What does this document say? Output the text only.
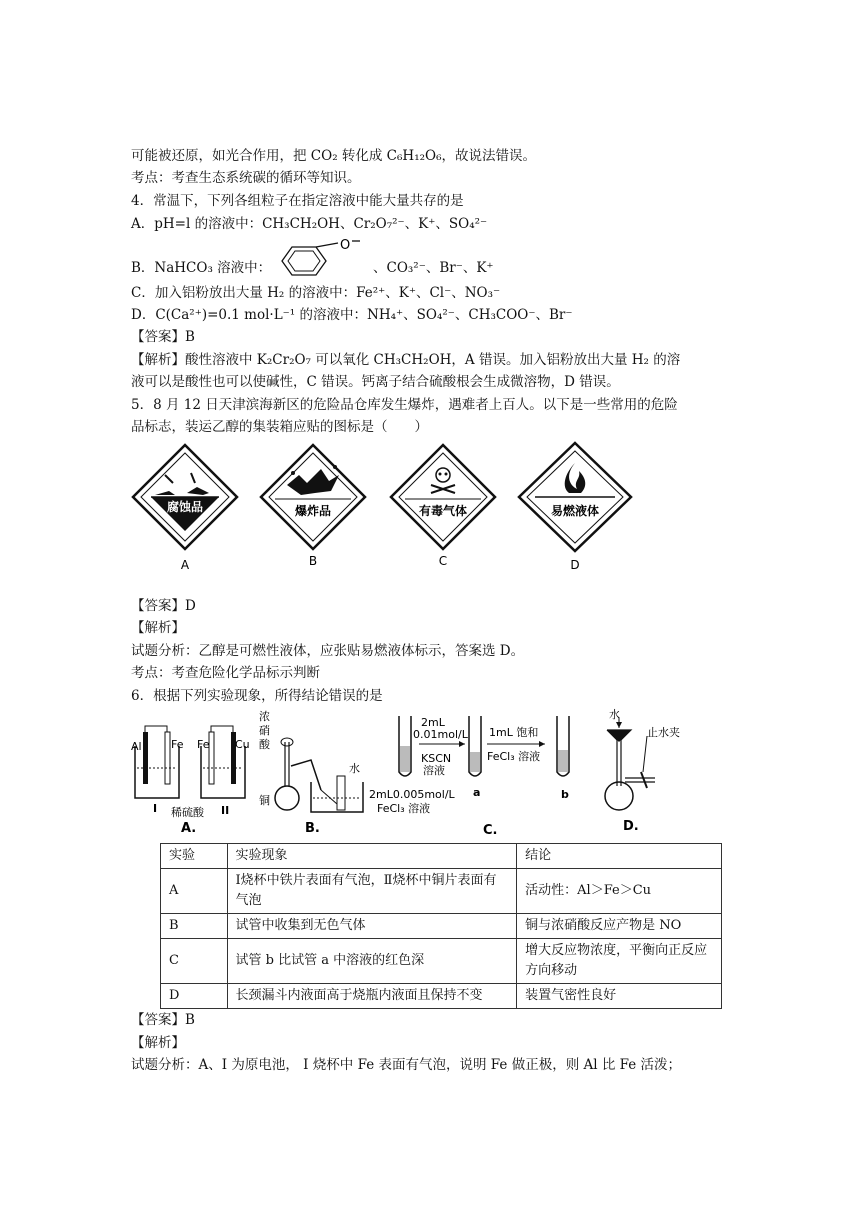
可能被还原，如光合作用，把 CO₂ 转化成 C₆H₁₂O₆，故说法错误。
考点：考查生态系统碳的循环等知识。
4．常温下，下列各组粒子在指定溶液中能大量共存的是
A．pH=l 的溶液中：CH₃CH₂OH、Cr₂O₇²⁻、K⁺、SO₄²⁻
B．NaHCO₃ 溶液中：
O
、CO₃²⁻、Br⁻、K⁺
C．加入铝粉放出大量 H₂ 的溶液中：Fe²⁺、K⁺、Cl⁻、NO₃⁻
D．C(Ca²⁺)=0.1 mol·L⁻¹ 的溶液中：NH₄⁺、SO₄²⁻、CH₃COO⁻、Br⁻
【答案】B
【解析】酸性溶液中 K₂Cr₂O₇ 可以氧化 CH₃CH₂OH，A 错误。加入铝粉放出大量 H₂ 的溶
液可以是酸性也可以使碱性，C 错误。钙离子结合硫酸根会生成微溶物，D 错误。
5．8 月 12 日天津滨海新区的危险品仓库发生爆炸，遇难者上百人。以下是一些常用的危险
品标志，装运乙醇的集装箱应贴的图标是（　　）
腐蚀品	爆炸品	有毒气体	易燃液体
A	B	C	D
【答案】D
【解析】
试题分析：乙醇是可燃性液体，应张贴易燃液体标示，答案选 D。
考点：考查危险化学品标示判断
6．根据下列实验现象，所得结论错误的是
Al	Fe Fe Cu
I	II
稀硫酸
A.
浓
硝
酸
铜
水
B.
2mL
0.01mol/L
KSCN
溶液
1mL 饱和
FeCl₃ 溶液
2mL0.005mol/L
FeCl₃ 溶液
a	b
C.
水
止水夹
D.
实验	实验现象	结论
A	Ⅰ烧杯中铁片表面有气泡，Ⅱ烧杯中铜片表面有气泡	活动性：Al＞Fe＞Cu
B	试管中收集到无色气体	铜与浓硝酸反应产物是 NO
C	试管 b 比试管 a 中溶液的红色深	增大反应物浓度，平衡向正反应方向移动
D	长颈漏斗内液面高于烧瓶内液面且保持不变	装置气密性良好
【答案】B
【解析】
试题分析：A、I 为原电池， I 烧杯中 Fe 表面有气泡，说明 Fe 做正极，则 Al 比 Fe 活泼；
